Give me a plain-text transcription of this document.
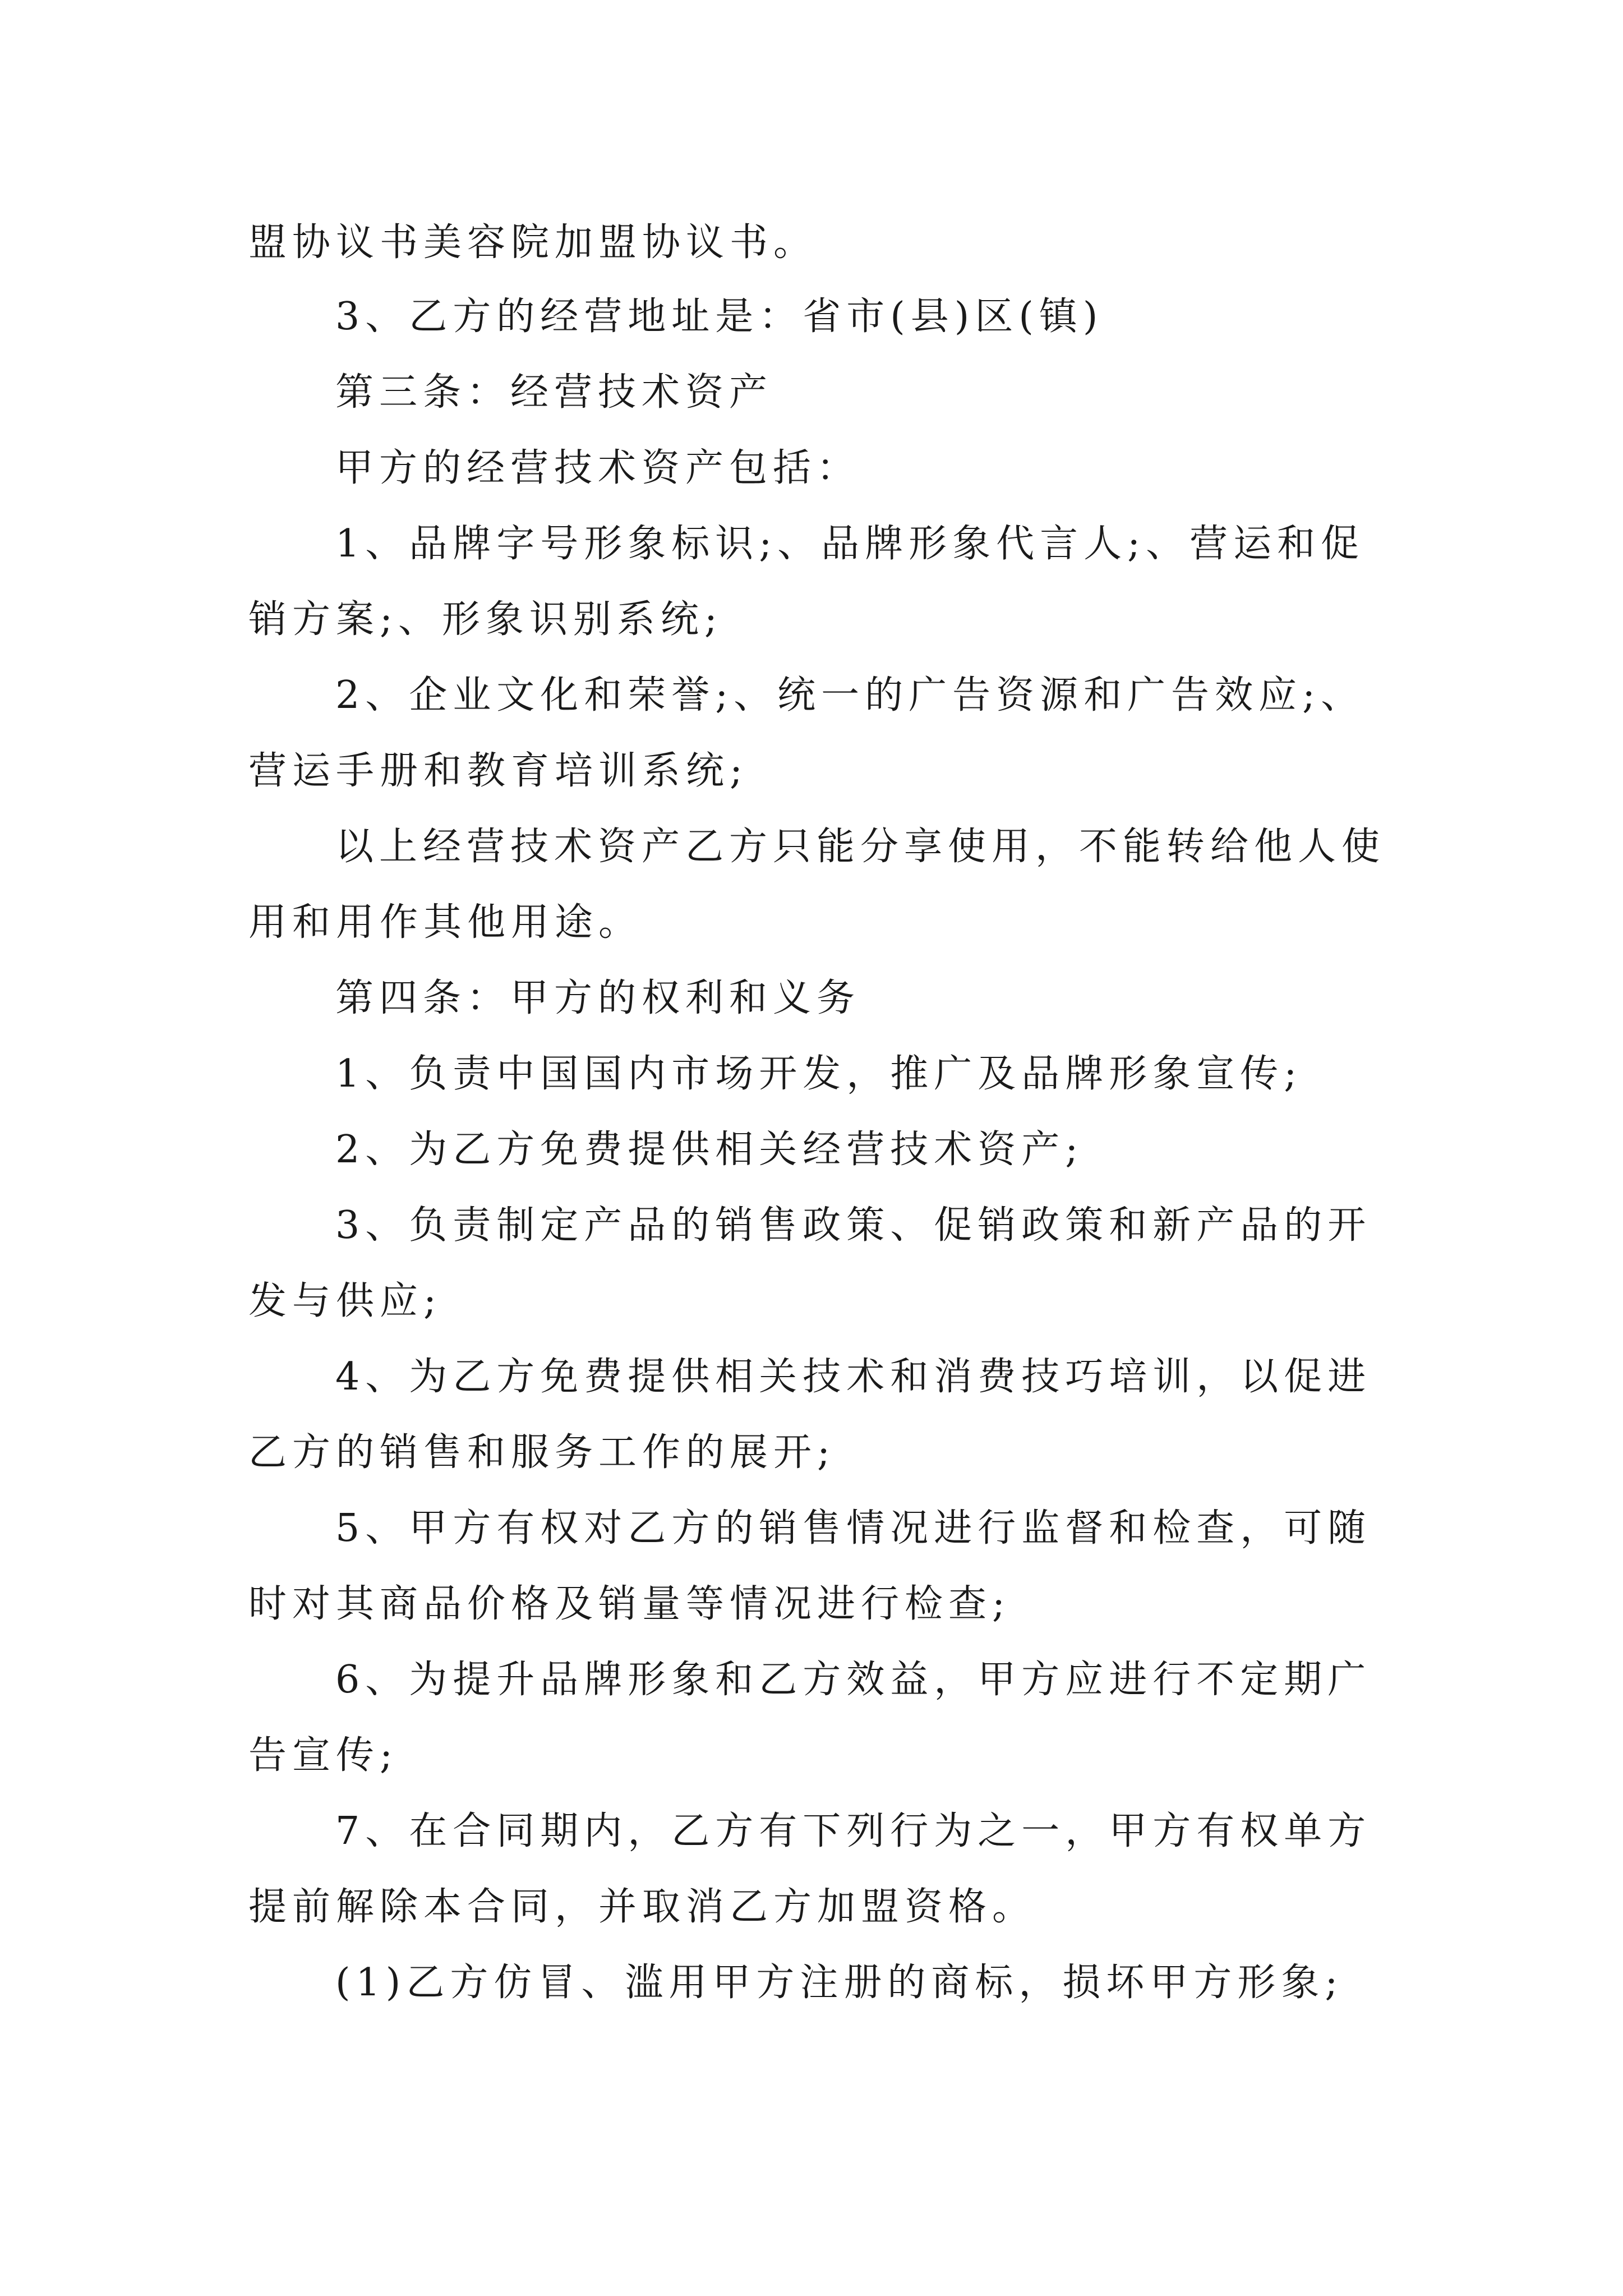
盟协议书美容院加盟协议书。
3、乙方的经营地址是：省市(县)区(镇)
第三条：经营技术资产
甲方的经营技术资产包括：
1、品牌字号形象标识;、品牌形象代言人;、营运和促
销方案;、形象识别系统;
2、企业文化和荣誉;、统一的广告资源和广告效应;、
营运手册和教育培训系统;
以上经营技术资产乙方只能分享使用，不能转给他人使
用和用作其他用途。
第四条：甲方的权利和义务
1、负责中国国内市场开发，推广及品牌形象宣传;
2、为乙方免费提供相关经营技术资产;
3、负责制定产品的销售政策、促销政策和新产品的开
发与供应;
4、为乙方免费提供相关技术和消费技巧培训，以促进
乙方的销售和服务工作的展开;
5、甲方有权对乙方的销售情况进行监督和检查，可随
时对其商品价格及销量等情况进行检查;
6、为提升品牌形象和乙方效益，甲方应进行不定期广
告宣传;
7、在合同期内，乙方有下列行为之一，甲方有权单方
提前解除本合同，并取消乙方加盟资格。
(1)乙方仿冒、滥用甲方注册的商标，损坏甲方形象;
